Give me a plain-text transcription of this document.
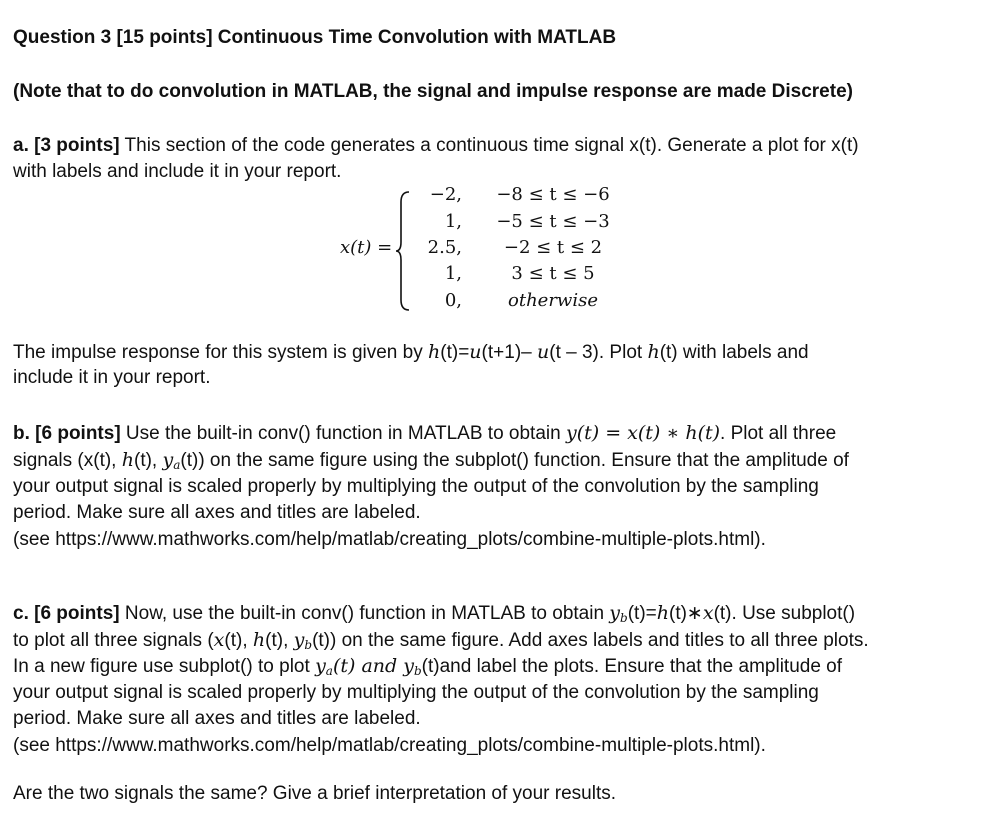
Question 3 [15 points] Continuous Time Convolution with MATLAB
(Note that to do convolution in MATLAB, the signal and impulse response are made Discrete)
a. [3 points] This section of the code generates a continuous time signal x(t). Generate a plot for x(t)
with labels and include it in your report.
x(t) =
−2,	−8 ≤ t ≤ −6
1,	−5 ≤ t ≤ −3
2.5,	−2 ≤ t ≤ 2
1,	3 ≤ t ≤ 5
0,	otherwise
The impulse response for this system is given by h(t)=u(t+1)– u(t – 3). Plot h(t) with labels and
include it in your report.
b. [6 points] Use the built-in conv() function in MATLAB to obtain y(t) = x(t) ∗ h(t). Plot all three
signals (x(t), h(t), $y_a(t)$) on the same figure using the subplot() function. Ensure that the amplitude of
your output signal is scaled properly by multiplying the output of the convolution by the sampling
period. Make sure all axes and titles are labeled.
(see https://www.mathworks.com/help/matlab/creating_plots/combine-multiple-plots.html).
c. [6 points] Now, use the built-in conv() function in MATLAB to obtain $y_b(t)=h(t)∗x(t)$. Use subplot()
to plot all three signals (x(t), h(t), $y_b(t)$) on the same figure. Add axes labels and titles to all three plots.
In a new figure use subplot() to plot $y_a(t)$ and $y_b(t)and$ label the plots. Ensure that the amplitude of
your output signal is scaled properly by multiplying the output of the convolution by the sampling
period. Make sure all axes and titles are labeled.
(see https://www.mathworks.com/help/matlab/creating_plots/combine-multiple-plots.html).
Are the two signals the same? Give a brief interpretation of your results.
